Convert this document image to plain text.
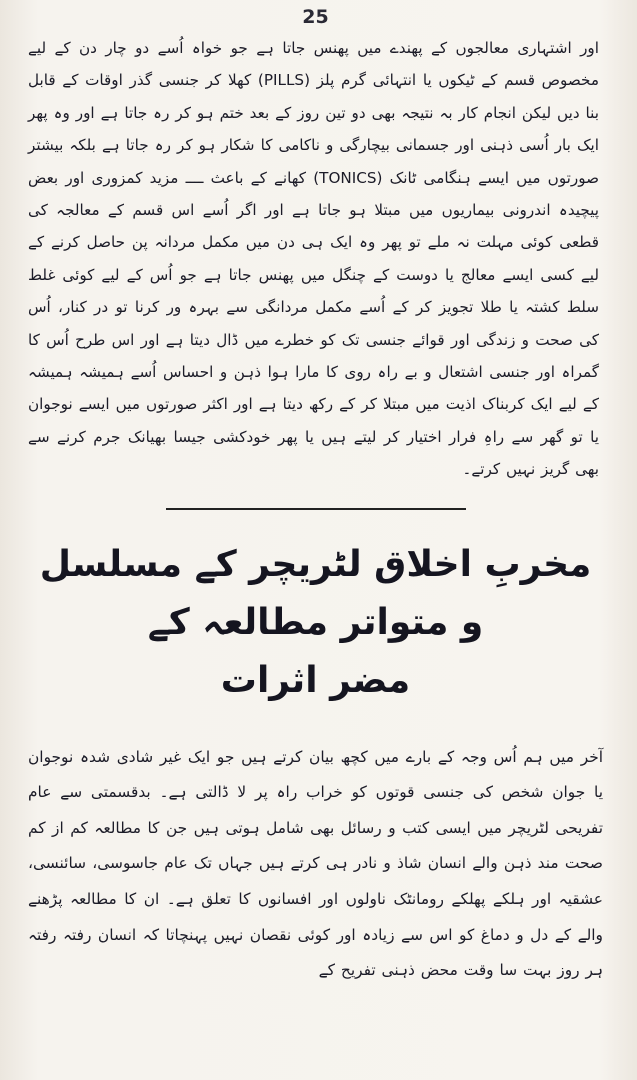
25

اور اشتہاری معالجوں کے پھندے میں پھنس جاتا ہے جو خواہ اُسے دو چار دن کے لیے مخصوص قسم کے ٹیکوں یا انتہائی گرم پلز (PILLS) کھلا کر جنسی گذر اوقات کے قابل بنا دیں لیکن انجام کار بہ نتیجہ بھی دو تین روز کے بعد ختم ہو کر رہ جاتا ہے اور وہ پھر ایک بار اُسی ذہنی اور جسمانی بیچارگی و ناکامی کا شکار ہو کر رہ جاتا ہے بلکہ بیشتر صورتوں میں ایسے ہنگامی ٹانک (TONICS) کھانے کے باعث ــــ مزید کمزوری اور بعض پیچیدہ اندرونی بیماریوں میں مبتلا ہو جاتا ہے اور اگر اُسے اس قسم کے معالجہ کی قطعی کوئی مہلت نہ ملے تو پھر وہ ایک ہی دن میں مکمل مردانہ پن حاصل کرنے کے لیے کسی ایسے معالج یا دوست کے چنگل میں پھنس جاتا ہے جو اُس کے لیے کوئی غلط سلط کشتہ یا طلا تجویز کر کے اُسے مکمل مردانگی سے بہرہ ور کرنا تو در کنار، اُس کی صحت و زندگی اور قوائے جنسی تک کو خطرے میں ڈال دیتا ہے اور اس طرح اُس کا گمراہ اور جنسی اشتعال و بے راہ روی کا مارا ہوا ذہن و احساس اُسے ہمیشہ ہمیشہ کے لیے ایک کربناک اذیت میں مبتلا کر کے رکھ دیتا ہے اور اکثر صورتوں میں ایسے نوجوان یا تو گھر سے راہِ فرار اختیار کر لیتے ہیں یا پھر خودکشی جیسا بھیانک جرم کرنے سے بھی گریز نہیں کرتے۔

مخربِ اخلاق لٹریچر کے مسلسل و متواتر مطالعہ کے
مضر اثرات

آخر میں ہم اُس وجہ کے بارے میں کچھ بیان کرتے ہیں جو ایک غیر شادی شدہ نوجوان یا جوان شخص کی جنسی قوتوں کو خراب راہ پر لا ڈالتی ہے۔ بدقسمتی سے عام تفریحی لٹریچر میں ایسی کتب و رسائل بھی شامل ہوتی ہیں جن کا مطالعہ کم از کم صحت مند ذہن والے انسان شاذ و نادر ہی کرتے ہیں جہاں تک عام جاسوسی، سائنسی، عشقیہ اور ہلکے پھلکے رومانٹک ناولوں اور افسانوں کا تعلق ہے۔ ان کا مطالعہ پڑھنے والے کے دل و دماغ کو اس سے زیادہ اور کوئی نقصان نہیں پہنچاتا کہ انسان رفتہ رفتہ ہر روز بہت سا وقت محض ذہنی تفریح کے
